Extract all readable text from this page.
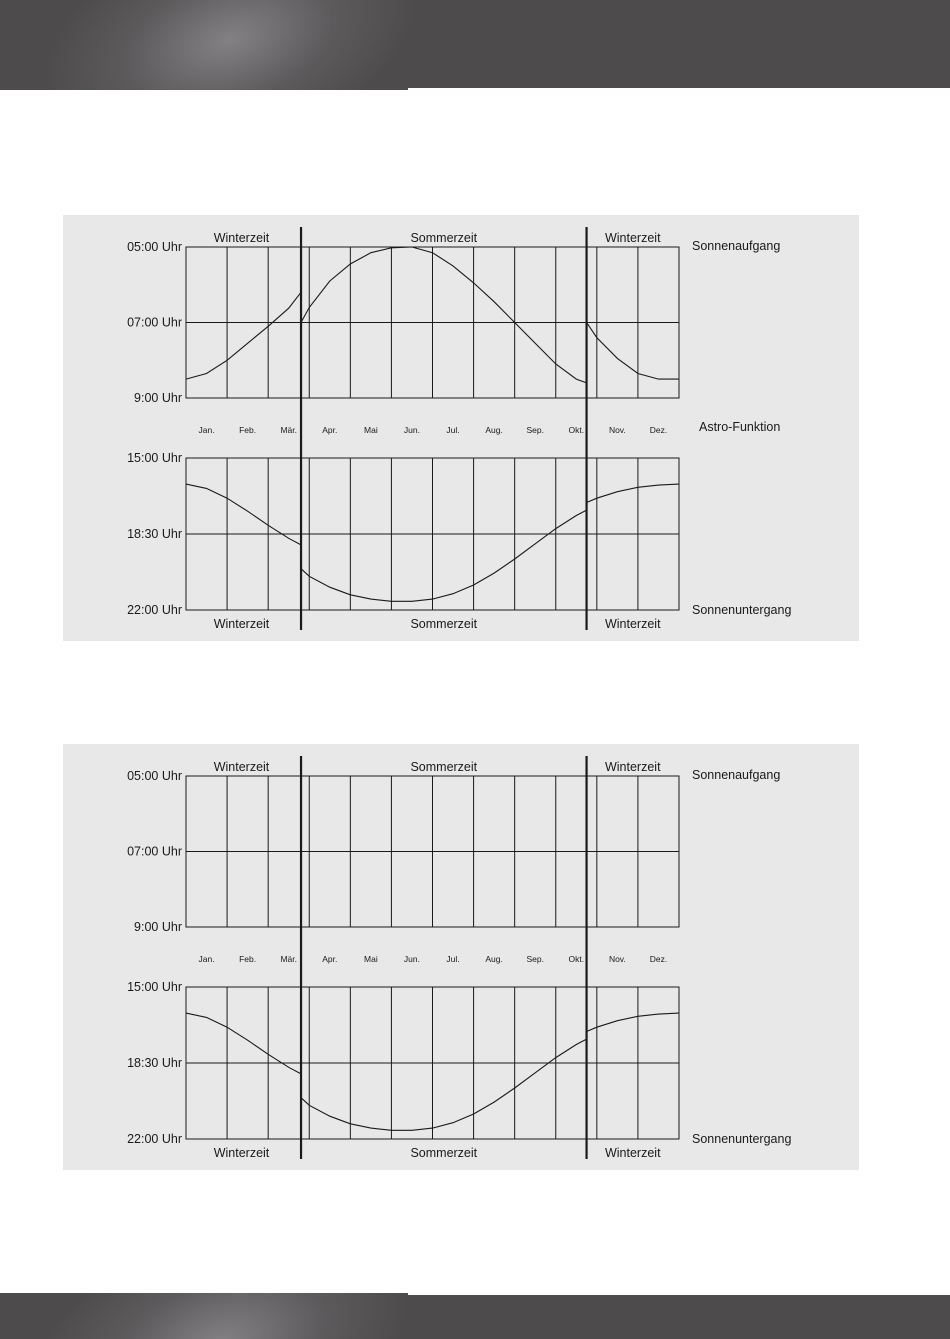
05:00 Uhr
07:00 Uhr
9:00 Uhr
15:00 Uhr
18:30 Uhr
22:00 Uhr
Jan.	Feb.	Mär.	Apr.	Mai	Jun.	Jul.	Aug.	Sep.	Okt.	Nov.	Dez.
Winterzeit	Sommerzeit	Winterzeit
Winterzeit	Sommerzeit	Winterzeit
Sonnenaufgang
Sonnenuntergang
Astro-Funktion
05:00 Uhr
07:00 Uhr
9:00 Uhr
15:00 Uhr
18:30 Uhr
22:00 Uhr
Jan.	Feb.	Mär.	Apr.	Mai	Jun.	Jul.	Aug.	Sep.	Okt.	Nov.	Dez.
Winterzeit	Sommerzeit	Winterzeit
Winterzeit	Sommerzeit	Winterzeit
Sonnenaufgang
Sonnenuntergang
